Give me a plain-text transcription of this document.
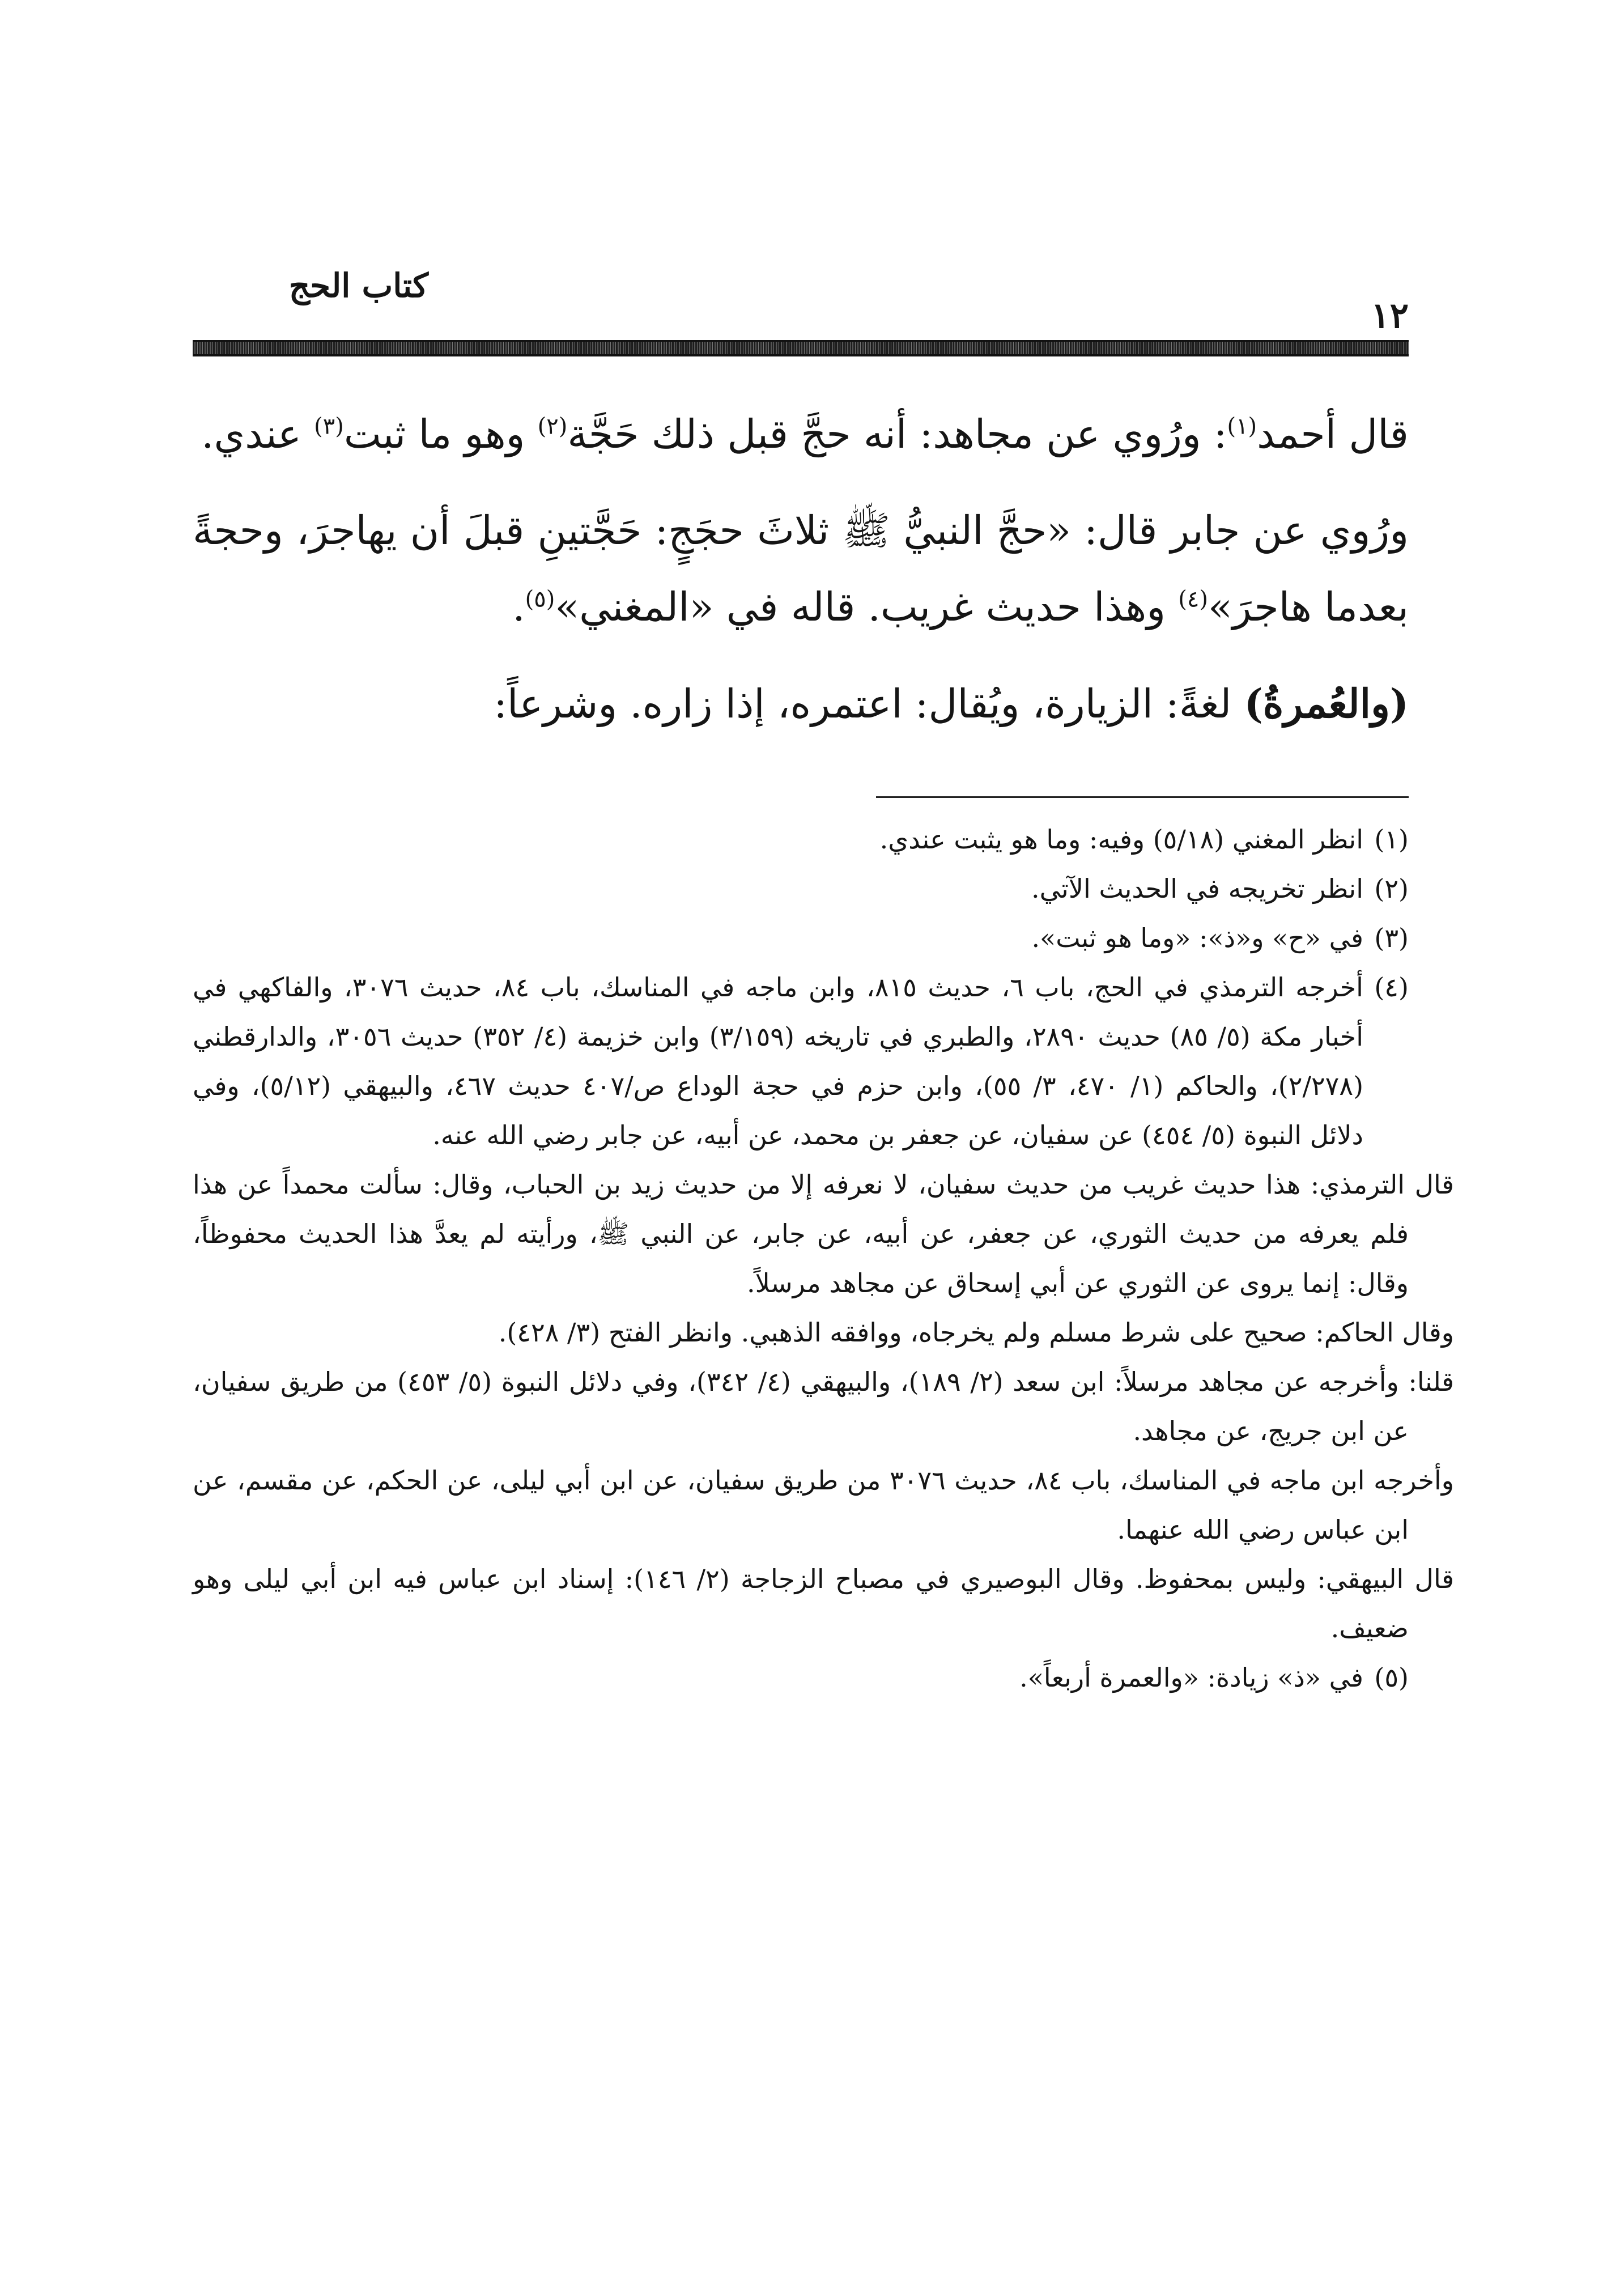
١٢
كتاب الحج

قال أحمد$^{(١)}$: ورُوي عن مجاهد: أنه حجَّ قبل ذلك حَجَّة$^{(٢)}$ وهو ما ثبت$^{(٣)}$ عندي.

ورُوي عن جابر قال: «حجَّ النبيُّ ﷺ ثلاثَ حجَجٍ: حَجَّتينِ قبلَ أن يهاجرَ، وحجةً بعدما هاجرَ»$^{(٤)}$ وهذا حديث غريب. قاله في «المغني»$^{(٥)}$.

(والعُمرةُ) لغةً: الزيارة، ويُقال: اعتمره، إذا زاره. وشرعاً:

(١)انظر المغني (٥/١٨) وفيه: وما هو يثبت عندي.

(٢)انظر تخريجه في الحديث الآتي.

(٣)في «ح» و«ذ»: «وما هو ثبت».

(٤)أخرجه الترمذي في الحج، باب ٦، حديث ٨١٥، وابن ماجه في المناسك، باب ٨٤، حديث ٣٠٧٦، والفاكهي في أخبار مكة (٥/ ٨٥) حديث ٢٨٩٠، والطبري في تاريخه (٣/١٥٩) وابن خزيمة (٤/ ٣٥٢) حديث ٣٠٥٦، والدارقطني (٢/٢٧٨)، والحاكم (١/ ٤٧٠، ٣/ ٥٥)، وابن حزم في حجة الوداع ص/٤٠٧ حديث ٤٦٧، والبيهقي (٥/١٢)، وفي دلائل النبوة (٥/ ٤٥٤) عن سفيان، عن جعفر بن محمد، عن أبيه، عن جابر رضي الله عنه.

قال الترمذي: هذا حديث غريب من حديث سفيان، لا نعرفه إلا من حديث زيد بن الحباب، وقال: سألت محمداً عن هذا فلم يعرفه من حديث الثوري، عن جعفر، عن أبيه، عن جابر، عن النبي ﷺ، ورأيته لم يعدَّ هذا الحديث محفوظاً، وقال: إنما يروى عن الثوري عن أبي إسحاق عن مجاهد مرسلاً.

وقال الحاكم: صحيح على شرط مسلم ولم يخرجاه، ووافقه الذهبي. وانظر الفتح (٣/ ٤٢٨).

قلنا: وأخرجه عن مجاهد مرسلاً: ابن سعد (٢/ ١٨٩)، والبيهقي (٤/ ٣٤٢)، وفي دلائل النبوة (٥/ ٤٥٣) من طريق سفيان، عن ابن جريج، عن مجاهد.

وأخرجه ابن ماجه في المناسك، باب ٨٤، حديث ٣٠٧٦ من طريق سفيان، عن ابن أبي ليلى، عن الحكم، عن مقسم، عن ابن عباس رضي الله عنهما.

قال البيهقي: وليس بمحفوظ. وقال البوصيري في مصباح الزجاجة (٢/ ١٤٦): إسناد ابن عباس فيه ابن أبي ليلى وهو ضعيف.

(٥)في «ذ» زيادة: «والعمرة أربعاً».
